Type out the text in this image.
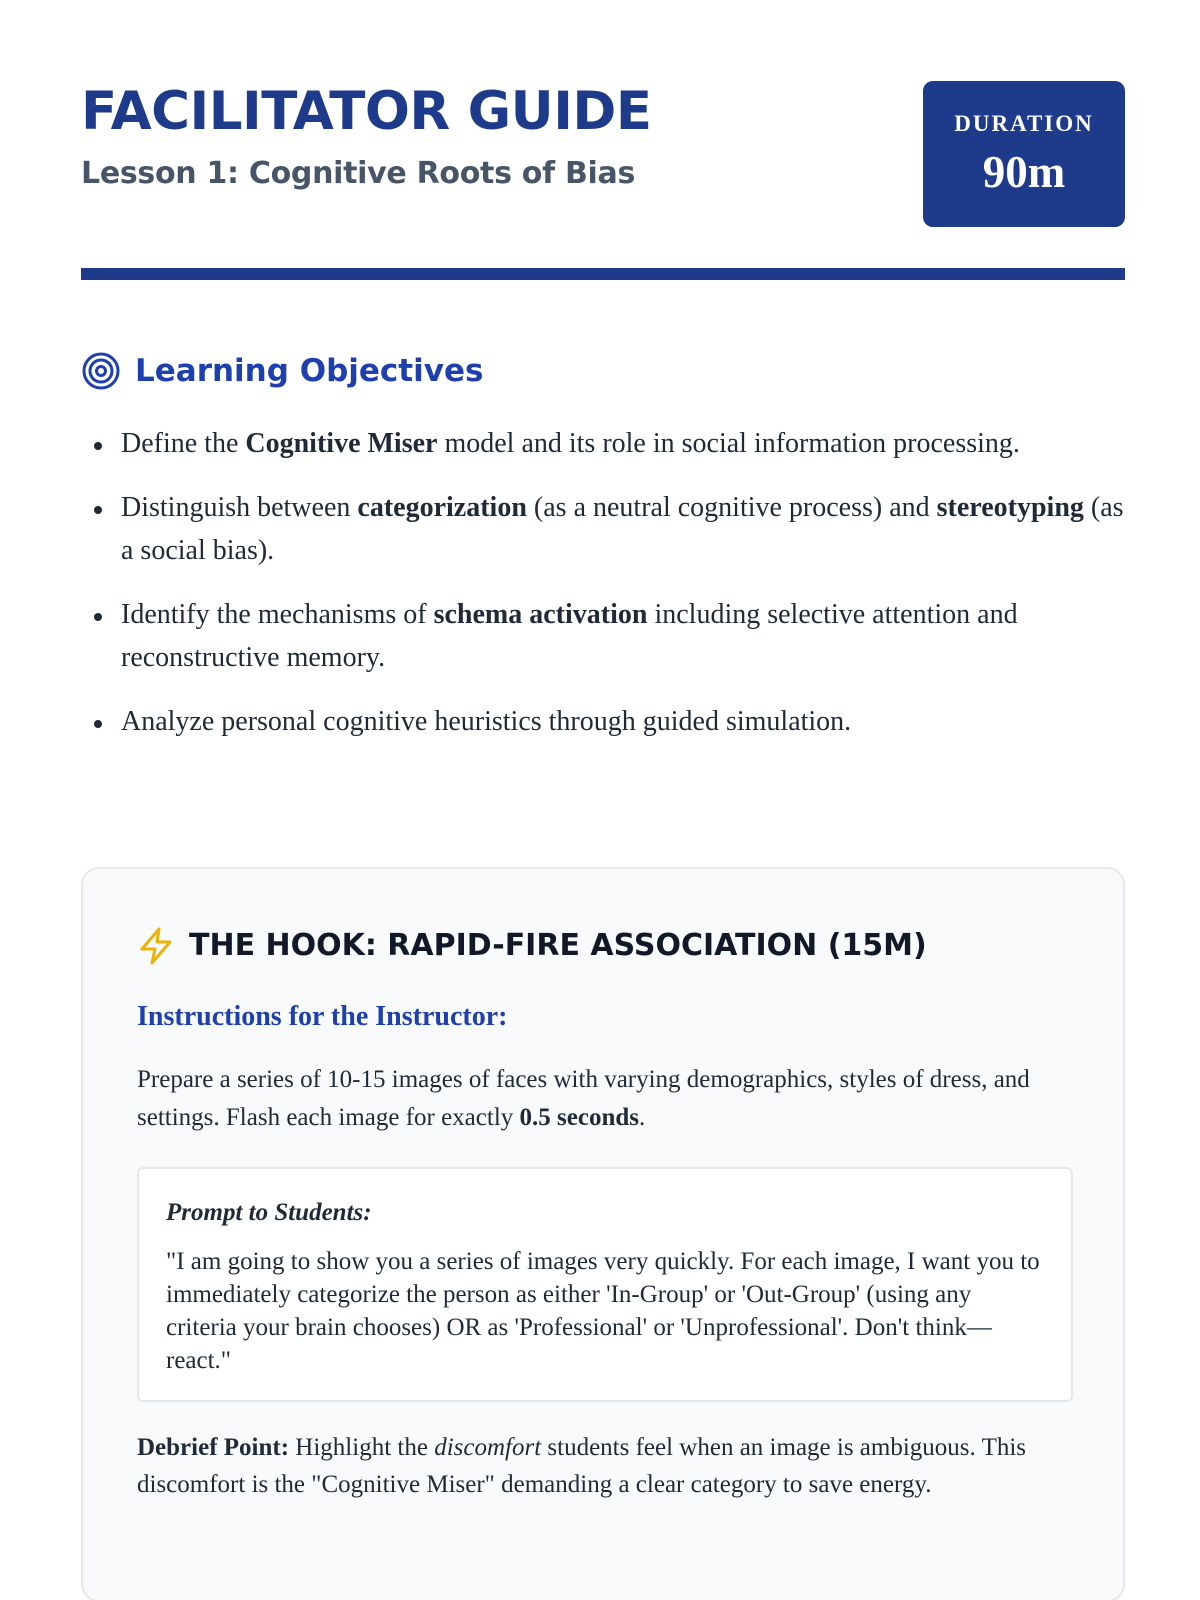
FACILITATOR GUIDE
Lesson 1: Cognitive Roots of Bias
DURATION
90m
Learning Objectives
Define the Cognitive Miser model and its role in social information processing.
Distinguish between categorization (as a neutral cognitive process) and stereotyping (as a social bias).
Identify the mechanisms of schema activation including selective attention and reconstructive memory.
Analyze personal cognitive heuristics through guided simulation.
THE HOOK: RAPID-FIRE ASSOCIATION (15M)
Instructions for the Instructor:

Prepare a series of 10-15 images of faces with varying demographics, styles of dress, and settings. Flash each image for exactly 0.5 seconds.

Prompt to Students:
"I am going to show you a series of images very quickly. For each image, I want you to immediately categorize the person as either 'In-Group' or 'Out-Group' (using any criteria your brain chooses) OR as 'Professional' or 'Unprofessional'. Don't think—react."

Debrief Point: Highlight the discomfort students feel when an image is ambiguous. This discomfort is the "Cognitive Miser" demanding a clear category to save energy.
